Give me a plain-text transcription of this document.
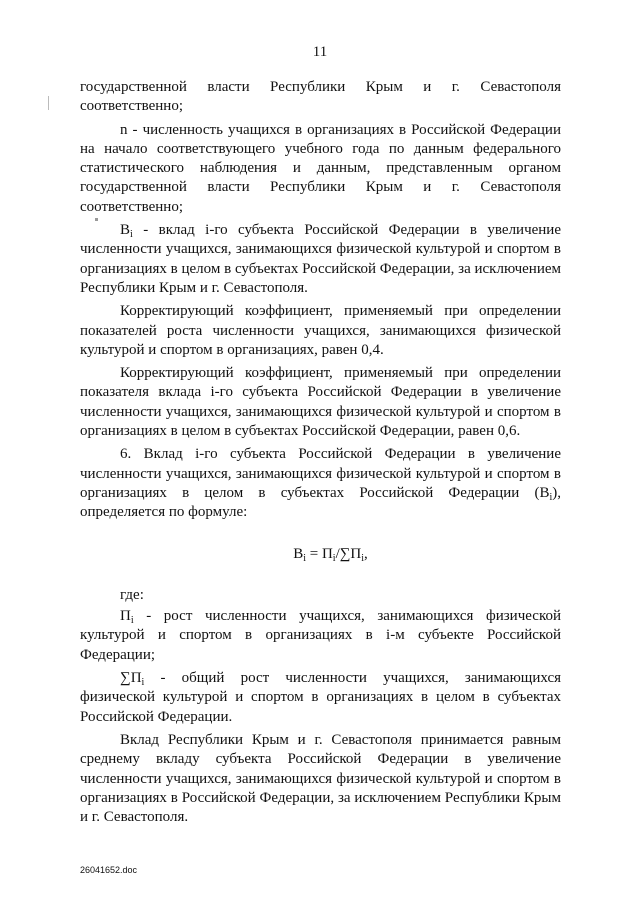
11

государственной власти Республики Крым и г. Севастополя соответственно;

n - численность учащихся в организациях в Российской Федерации на начало соответствующего учебного года по данным федерального статистического наблюдения и данным, представленным органом государственной власти Республики Крым и г. Севастополя соответственно;

$B_i$ - вклад i-го субъекта Российской Федерации в увеличение численности учащихся, занимающихся физической культурой и спортом в организациях в целом в субъектах Российской Федерации, за исключением Республики Крым и г. Севастополя.

Корректирующий коэффициент, применяемый при определении показателей роста численности учащихся, занимающихся физической культурой и спортом в организациях, равен 0,4.

Корректирующий коэффициент, применяемый при определении показателя вклада i-го субъекта Российской Федерации в увеличение численности учащихся, занимающихся физической культурой и спортом в организациях в целом в субъектах Российской Федерации, равен 0,6.

6. Вклад i-го субъекта Российской Федерации в увеличение численности учащихся, занимающихся физической культурой и спортом в организациях в целом в субъектах Российской Федерации $(B_i)$, определяется по формуле:

$B_i = П_i/\sum П_i$,

где:

$П_i$ - рост численности учащихся, занимающихся физической культурой и спортом в организациях в i-м субъекте Российской Федерации;

$\sum П_i$ - общий рост численности учащихся, занимающихся физической культурой и спортом в организациях в целом в субъектах Российской Федерации.

Вклад Республики Крым и г. Севастополя принимается равным среднему вкладу субъекта Российской Федерации в увеличение численности учащихся, занимающихся физической культурой и спортом в организациях в Российской Федерации, за исключением Республики Крым и г. Севастополя.

26041652.doc
